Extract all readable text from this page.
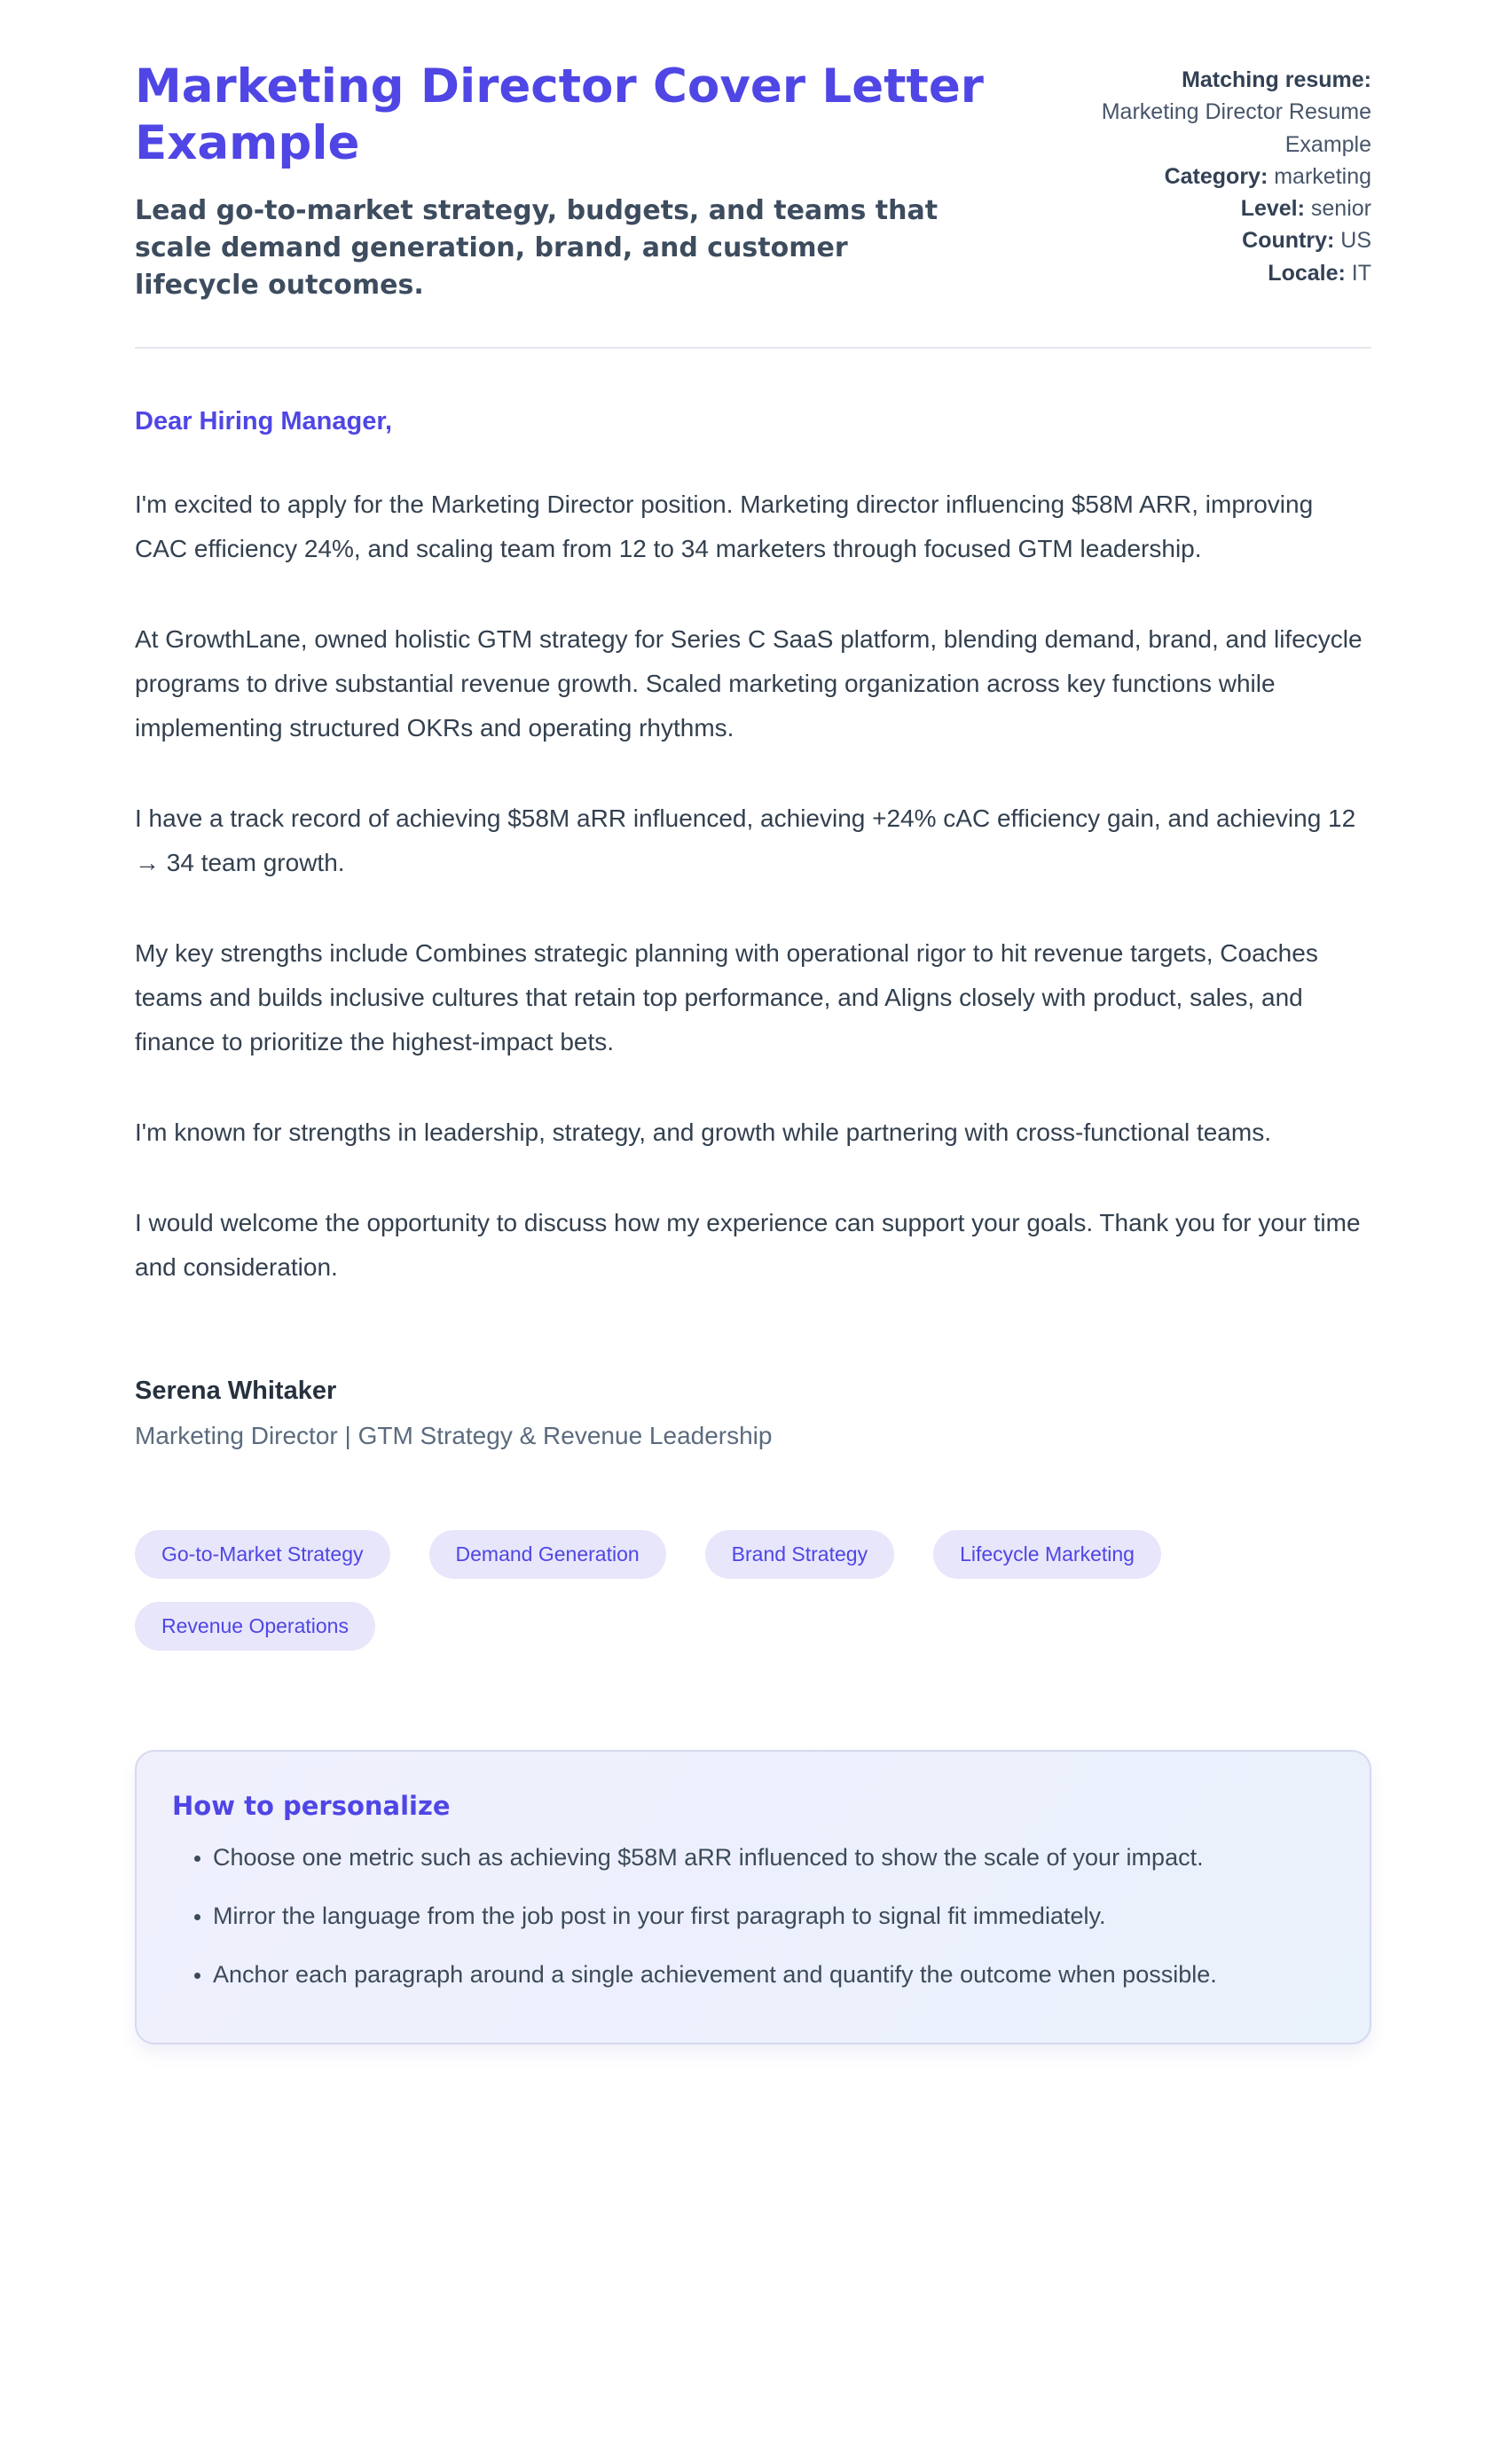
Marketing Director Cover Letter Example

Lead go-to-market strategy, budgets, and teams that scale demand generation, brand, and customer lifecycle outcomes.

Matching resume: Marketing Director Resume Example
Category: marketing
Level: senior
Country: US
Locale: IT

Dear Hiring Manager,

I'm excited to apply for the Marketing Director position. Marketing director influencing $58M ARR, improving CAC efficiency 24%, and scaling team from 12 to 34 marketers through focused GTM leadership.

At GrowthLane, owned holistic GTM strategy for Series C SaaS platform, blending demand, brand, and lifecycle programs to drive substantial revenue growth. Scaled marketing organization across key functions while implementing structured OKRs and operating rhythms.

I have a track record of achieving $58M aRR influenced, achieving +24% cAC efficiency gain, and achieving 12 → 34 team growth.

My key strengths include Combines strategic planning with operational rigor to hit revenue targets, Coaches teams and builds inclusive cultures that retain top performance, and Aligns closely with product, sales, and finance to prioritize the highest-impact bets.

I'm known for strengths in leadership, strategy, and growth while partnering with cross-functional teams.

I would welcome the opportunity to discuss how my experience can support your goals. Thank you for your time and consideration.

Serena Whitaker

Marketing Director | GTM Strategy & Revenue Leadership

Go-to-Market Strategy	Demand Generation	Brand Strategy	Lifecycle Marketing
Revenue Operations
How to personalize
• Choose one metric such as achieving $58M aRR influenced to show the scale of your impact.
• Mirror the language from the job post in your first paragraph to signal fit immediately.
• Anchor each paragraph around a single achievement and quantify the outcome when possible.
